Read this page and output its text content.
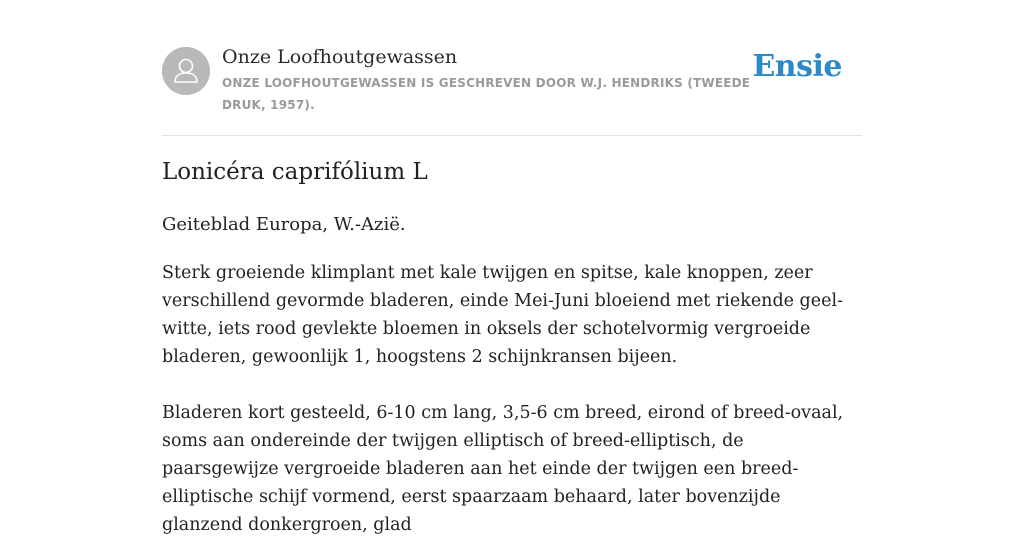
Onze Loofhoutgewassen
ONZE LOOFHOUTGEWASSEN IS GESCHREVEN DOOR W.J. HENDRIKS (TWEEDE DRUK, 1957).
Ensie
Lonicéra caprifólium L
Geiteblad Europa, W.-Azië.

Sterk groeiende klimplant met kale twijgen en spitse, kale knoppen, zeer verschillend gevormde bladeren, einde Mei-Juni bloeiend met riekende geel-witte, iets rood gevlekte bloemen in oksels der schotelvormig vergroeide bladeren, gewoonlijk 1, hoogstens 2 schijnkransen bijeen.

Bladeren kort gesteeld, 6-10 cm lang, 3,5-6 cm breed, eirond of breed-ovaal, soms aan ondereinde der twijgen elliptisch of breed-elliptisch, de paarsgewijze vergroeide bladeren aan het einde der twijgen een breed-elliptische schijf vormend, eerst spaarzaam behaard, later bovenzijde glanzend donkergroen, glad
